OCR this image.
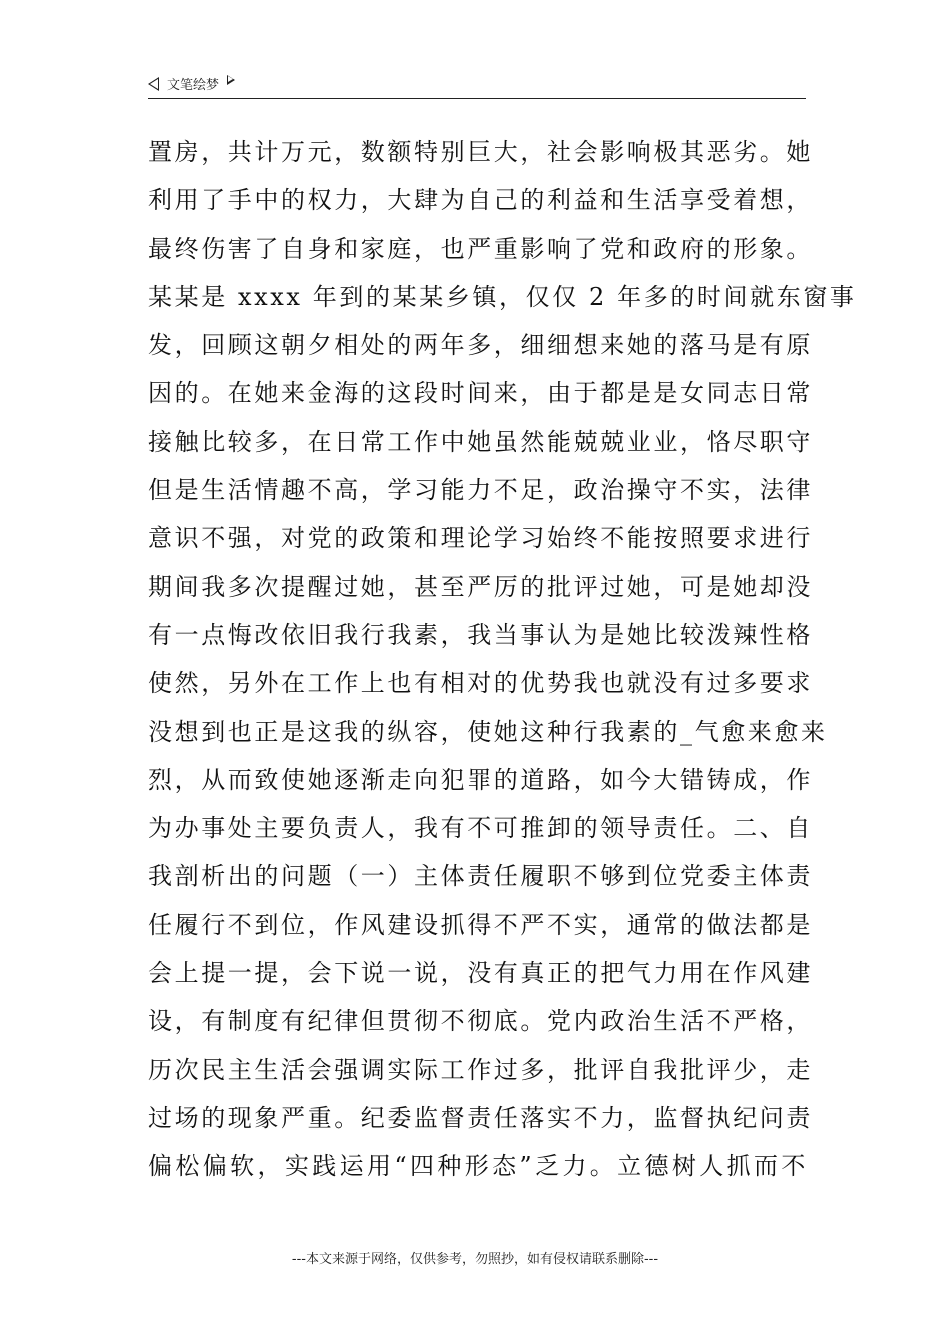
文笔绘梦
置房，共计万元，数额特别巨大，社会影响极其恶劣。她
利用了手中的权力，大肆为自己的利益和生活享受着想，
最终伤害了自身和家庭，也严重影响了党和政府的形象。
某某是 xxxx 年到的某某乡镇，仅仅 2 年多的时间就东窗事
发，回顾这朝夕相处的两年多，细细想来她的落马是有原
因的。在她来金海的这段时间来，由于都是是女同志日常
接触比较多，在日常工作中她虽然能兢兢业业，恪尽职守
但是生活情趣不高，学习能力不足，政治操守不实，法律
意识不强，对党的政策和理论学习始终不能按照要求进行
期间我多次提醒过她，甚至严厉的批评过她，可是她却没
有一点悔改依旧我行我素，我当事认为是她比较泼辣性格
使然，另外在工作上也有相对的优势我也就没有过多要求
没想到也正是这我的纵容，使她这种行我素的_气愈来愈来
烈，从而致使她逐渐走向犯罪的道路，如今大错铸成，作
为办事处主要负责人，我有不可推卸的领导责任。二、自
我剖析出的问题（一）主体责任履职不够到位党委主体责
任履行不到位，作风建设抓得不严不实，通常的做法都是
会上提一提，会下说一说，没有真正的把气力用在作风建
设，有制度有纪律但贯彻不彻底。党内政治生活不严格，
历次民主生活会强调实际工作过多，批评自我批评少，走
过场的现象严重。纪委监督责任落实不力，监督执纪问责
偏松偏软，实践运用“四种形态”乏力。立德树人抓而不
---本文来源于网络，仅供参考，勿照抄，如有侵权请联系删除---
